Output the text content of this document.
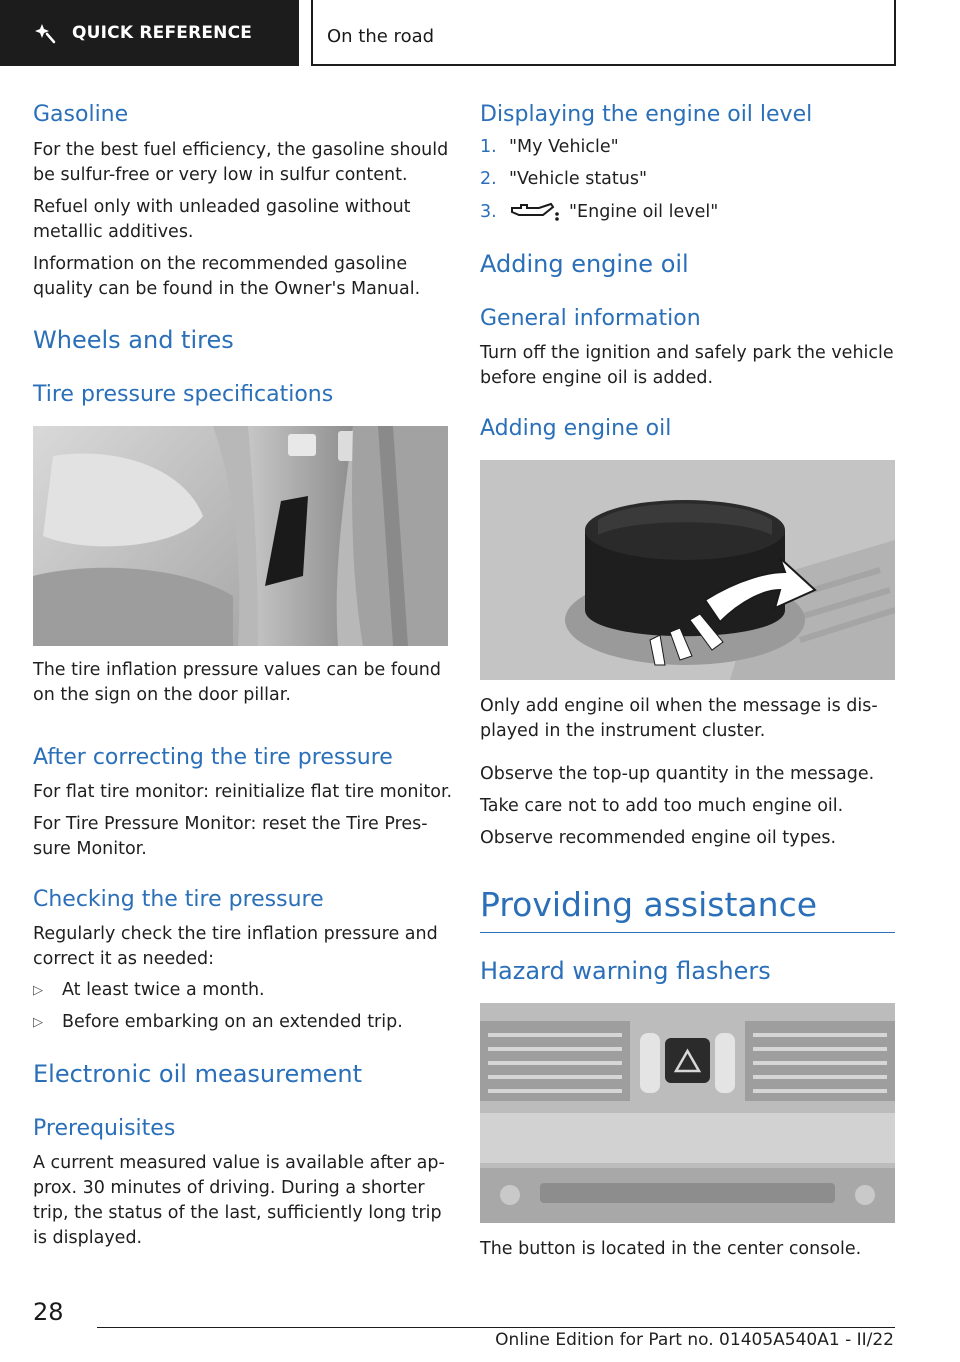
QUICK REFERENCE	On the road
Gasoline
For the best fuel efficiency, the gasoline should be sulfur-free or very low in sulfur content.
Refuel only with unleaded gasoline without metallic additives.
Information on the recommended gasoline quality can be found in the Owner's Manual.
Wheels and tires
Tire pressure specifications
The tire inflation pressure values can be found on the sign on the door pillar.
After correcting the tire pressure
For flat tire monitor: reinitialize flat tire monitor.
For Tire Pressure Monitor: reset the Tire Pres-sure Monitor.
Checking the tire pressure
Regularly check the tire inflation pressure and correct it as needed:
▷	At least twice a month.
▷	Before embarking on an extended trip.
Electronic oil measurement
Prerequisites
A current measured value is available after ap-prox. 30 minutes of driving. During a shorter trip, the status of the last, sufficiently long trip is displayed.
Displaying the engine oil level
1. "My Vehicle"
2. "Vehicle status"
3.	"Engine oil level"
Adding engine oil
General information
Turn off the ignition and safely park the vehicle before engine oil is added.
Adding engine oil
Only add engine oil when the message is dis-played in the instrument cluster.
Observe the top-up quantity in the message.
Take care not to add too much engine oil.
Observe recommended engine oil types.
Providing assistance
Hazard warning flashers
The button is located in the center console.
28
Online Edition for Part no. 01405A540A1 - II/22
